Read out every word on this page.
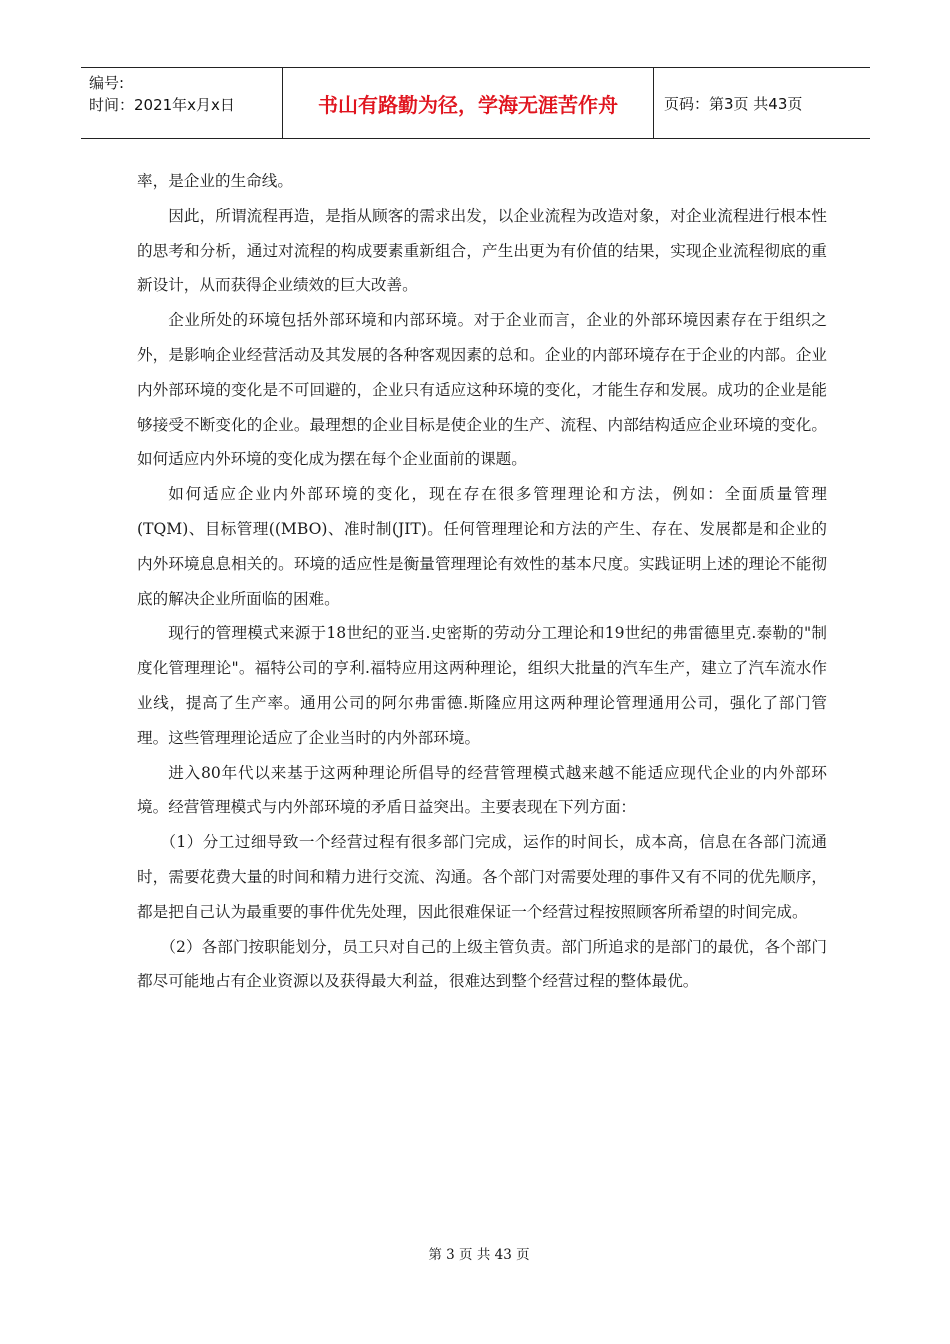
编号:
时间：2021年x月x日	书山有路勤为径，学海无涯苦作舟	页码：第3页 共43页

率，是企业的生命线。

因此，所谓流程再造，是指从顾客的需求出发，以企业流程为改造对象，对企业流程进行根本性的思考和分析，通过对流程的构成要素重新组合，产生出更为有价值的结果，实现企业流程彻底的重新设计，从而获得企业绩效的巨大改善。

企业所处的环境包括外部环境和内部环境。对于企业而言，企业的外部环境因素存在于组织之外，是影响企业经营活动及其发展的各种客观因素的总和。企业的内部环境存在于企业的内部。企业内外部环境的变化是不可回避的，企业只有适应这种环境的变化，才能生存和发展。成功的企业是能够接受不断变化的企业。最理想的企业目标是使企业的生产、流程、内部结构适应企业环境的变化。如何适应内外环境的变化成为摆在每个企业面前的课题。

如何适应企业内外部环境的变化，现在存在很多管理理论和方法，例如：全面质量管理(TQM)、目标管理((MBO)、准时制(JIT)。任何管理理论和方法的产生、存在、发展都是和企业的内外环境息息相关的。环境的适应性是衡量管理理论有效性的基本尺度。实践证明上述的理论不能彻底的解决企业所面临的困难。

现行的管理模式来源于18世纪的亚当.史密斯的劳动分工理论和19世纪的弗雷德里克.泰勒的"制度化管理理论"。福特公司的亨利.福特应用这两种理论，组织大批量的汽车生产，建立了汽车流水作业线，提高了生产率。通用公司的阿尔弗雷德.斯隆应用这两种理论管理通用公司，强化了部门管理。这些管理理论适应了企业当时的内外部环境。

进入80年代以来基于这两种理论所倡导的经营管理模式越来越不能适应现代企业的内外部环境。经营管理模式与内外部环境的矛盾日益突出。主要表现在下列方面：

（1）分工过细导致一个经营过程有很多部门完成，运作的时间长，成本高，信息在各部门流通时，需要花费大量的时间和精力进行交流、沟通。各个部门对需要处理的事件又有不同的优先顺序，都是把自己认为最重要的事件优先处理，因此很难保证一个经营过程按照顾客所希望的时间完成。

（2）各部门按职能划分，员工只对自己的上级主管负责。部门所追求的是部门的最优，各个部门都尽可能地占有企业资源以及获得最大利益，很难达到整个经营过程的整体最优。

第 3 页 共 43 页
